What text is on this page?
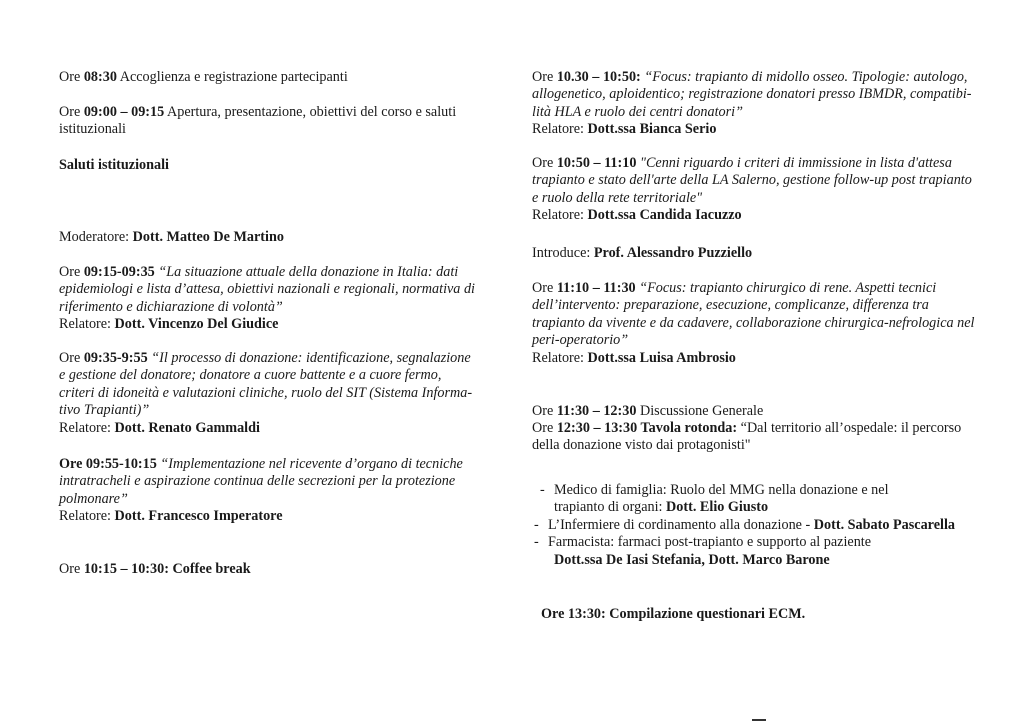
Ore 08:30 Accoglienza e registrazione partecipanti
Ore 09:00 – 09:15 Apertura, presentazione, obiettivi del corso e saluti
istituzionali
Saluti istituzionali
Moderatore: Dott. Matteo De Martino
Ore 09:15-09:35 “La situazione attuale della donazione in Italia: dati
epidemiologi e lista d’attesa, obiettivi nazionali e regionali, normativa di
riferimento e dichiarazione di volontà”
Relatore: Dott. Vincenzo Del Giudice
Ore 09:35-9:55 “Il processo di donazione: identificazione, segnalazione
e gestione del donatore; donatore a cuore battente e a cuore fermo,
criteri di idoneità e valutazioni cliniche, ruolo del SIT (Sistema Informa-
tivo Trapianti)”
Relatore: Dott. Renato Gammaldi
Ore 09:55-10:15 “Implementazione nel ricevente d’organo di tecniche
intratracheli e aspirazione continua delle secrezioni per la protezione
polmonare”
Relatore: Dott. Francesco Imperatore
Ore 10:15 – 10:30: Coffee break
Ore 10.30 – 10:50: “Focus: trapianto di midollo osseo. Tipologie: autologo,
allogenetico, aploidentico; registrazione donatori presso IBMDR, compatibi-
lità HLA e ruolo dei centri donatori”
Relatore: Dott.ssa Bianca Serio
Ore 10:50 – 11:10 "Cenni riguardo i criteri di immissione in lista d'attesa
trapianto e stato dell'arte della LA Salerno, gestione follow-up post trapianto
e ruolo della rete territoriale"
Relatore: Dott.ssa Candida Iacuzzo
Introduce: Prof. Alessandro Puzziello
Ore 11:10 – 11:30 “Focus: trapianto chirurgico di rene. Aspetti tecnici
dell’intervento: preparazione, esecuzione, complicanze, differenza tra
trapianto da vivente e da cadavere, collaborazione chirurgica-nefrologica nel
peri-operatorio”
Relatore: Dott.ssa Luisa Ambrosio
Ore 11:30 – 12:30 Discussione Generale
Ore 12:30 – 13:30 Tavola rotonda: “Dal territorio all’ospedale: il percorso
della donazione visto dai protagonisti"
- Medico di famiglia: Ruolo del MMG nella donazione e nel
trapianto di organi: Dott. Elio Giusto
- L’Infermiere di cordinamento alla donazione - Dott. Sabato Pascarella
- Farmacista: farmaci post-trapianto e supporto al paziente
Dott.ssa De Iasi Stefania, Dott. Marco Barone
Ore 13:30: Compilazione questionari ECM.
